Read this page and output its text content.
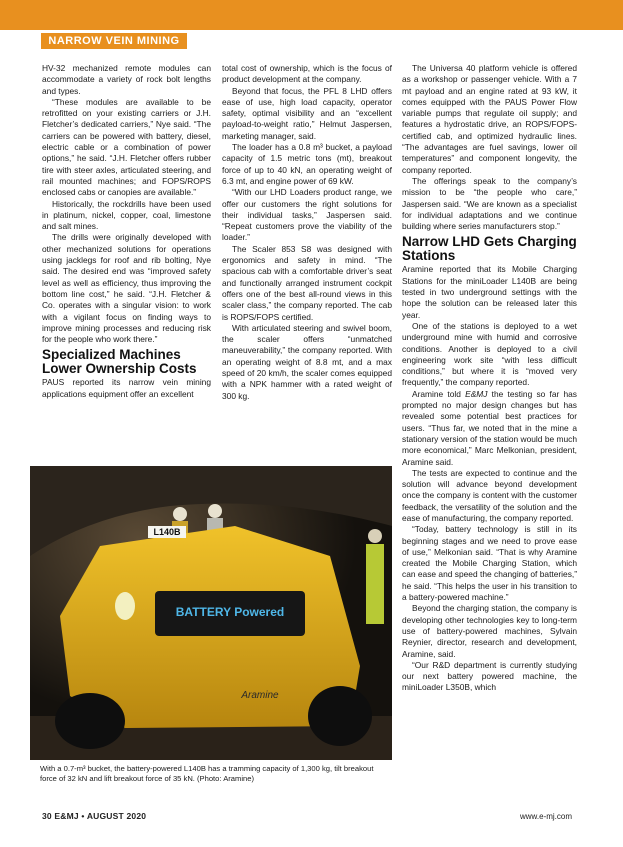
NARROW VEIN MINING

HV-32 mechanized remote modules can accommodate a variety of rock bolt lengths and types.

“These modules are available to be retrofitted on your existing carriers or J.H. Fletcher’s dedicated carriers,” Nye said. “The carriers can be powered with battery, diesel, electric cable or a combination of power options,” he said. “J.H. Fletcher offers rubber tire with steer axles, articulated steering, and rail mounted machines; and FOPS/ROPS enclosed cabs or canopies are available.”

Historically, the rockdrills have been used in platinum, nickel, copper, coal, limestone and salt mines.

The drills were originally developed with other mechanized solutions for operations using jacklegs for roof and rib bolting, Nye said. The desired end was “improved safety level as well as efficiency, thus improving the bottom line cost,” he said. “J.H. Fletcher & Co. operates with a singular vision: to work with a vigilant focus on finding ways to improve mining processes and reducing risk for the people who work there.”

Specialized Machines Lower Ownership Costs

PAUS reported its narrow vein mining applications equipment offer an excellent

total cost of ownership, which is the focus of product development at the company.

Beyond that focus, the PFL 8 LHD offers ease of use, high load capacity, operator safety, optimal visibility and an “excellent payload-to-weight ratio,” Helmut Jaspersen, marketing manager, said.

The loader has a 0.8 m³ bucket, a payload capacity of 1.5 metric tons (mt), breakout force of up to 40 kN, an operating weight of 6.3 mt, and engine power of 69 kW.

“With our LHD Loaders product range, we offer our customers the right solutions for their individual tasks,” Jaspersen said. “Repeat customers prove the viability of the loader.”

The Scaler 853 S8 was designed with ergonomics and safety in mind. “The spacious cab with a comfortable driver’s seat and functionally arranged instrument cockpit offers one of the best all-round views in this scaler class,” the company reported. The cab is ROPS/FOPS certified.

With articulated steering and swivel boom, the scaler offers “unmatched maneuverability,” the company reported. With an operating weight of 8.8 mt, and a max speed of 20 km/h, the scaler comes equipped with a NPK hammer with a rated weight of 300 kg.

The Universa 40 platform vehicle is offered as a workshop or passenger vehicle. With a 7 mt payload and an engine rated at 93 kW, it comes equipped with the PAUS Power Flow variable pumps that regulate oil supply; and features a hydrostatic drive, an ROPS/FOPS-certified cab, and optimized hydraulic lines. “The advantages are fuel savings, lower oil temperatures” and component longevity, the company reported.

The offerings speak to the company’s mission to be “the people who care,” Jaspersen said. “We are known as a specialist for individual adaptations and we continue building where series manufacturers stop.”

Narrow LHD Gets Charging Stations

Aramine reported that its Mobile Charging Stations for the miniLoader L140B are being tested in two underground settings with the hope the solution can be released later this year.

One of the stations is deployed to a wet underground mine with humid and corrosive conditions. Another is deployed to a civil engineering work site “with less difficult conditions,” but where it is “moved very frequently,” the company reported.

Aramine told E&MJ the testing so far has prompted no major design changes but has revealed some potential best practices for users. “Thus far, we noted that in the mine a stationary version of the station would be much more economical,” Marc Melkonian, president, Aramine said.

The tests are expected to continue and the solution will advance beyond development once the company is content with the customer feedback, the versatility of the solution and the ease of manufacturing, the company reported.

“Today, battery technology is still in its beginning stages and we need to prove ease of use,” Melkonian said. “That is why Aramine created the Mobile Charging Station, which can ease and speed the changing of batteries,” he said. “This helps the user in his transition to a battery-powered machine.”

Beyond the charging station, the company is developing other technologies key to long-term use of battery-powered machines, Sylvain Reynier, director, research and development, Aramine, said.

“Our R&D department is currently studying our next battery powered machine, the miniLoader L350B, which

BATTERY Powered
L140B
Aramine
With a 0.7-m³ bucket, the battery-powered L140B has a tramming capacity of 1,300 kg, tilt breakout force of 32 kN and lift breakout force of 35 kN. (Photo: Aramine)
30 E&MJ • AUGUST 2020	www.e-mj.com
